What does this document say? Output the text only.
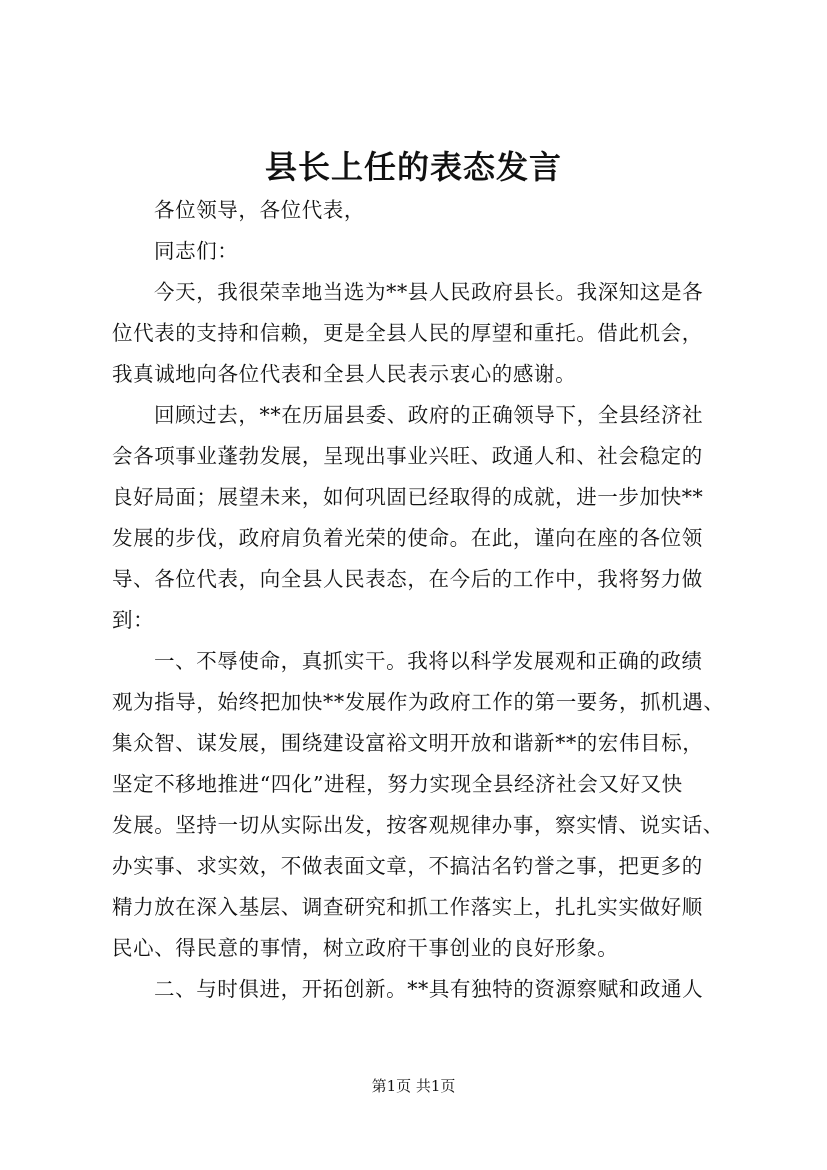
县长上任的表态发言
各位领导，各位代表，
同志们：
今天，我很荣幸地当选为**县人民政府县长。我深知这是各
位代表的支持和信赖，更是全县人民的厚望和重托。借此机会，
我真诚地向各位代表和全县人民表示衷心的感谢。
回顾过去，**在历届县委、政府的正确领导下，全县经济社
会各项事业蓬勃发展，呈现出事业兴旺、政通人和、社会稳定的
良好局面；展望未来，如何巩固已经取得的成就，进一步加快**
发展的步伐，政府肩负着光荣的使命。在此，谨向在座的各位领
导、各位代表，向全县人民表态，在今后的工作中，我将努力做
到：
一、不辱使命，真抓实干。我将以科学发展观和正确的政绩
观为指导，始终把加快**发展作为政府工作的第一要务，抓机遇、
集众智、谋发展，围绕建设富裕文明开放和谐新**的宏伟目标，
坚定不移地推进“四化”进程，努力实现全县经济社会又好又快
发展。坚持一切从实际出发，按客观规律办事，察实情、说实话、
办实事、求实效，不做表面文章，不搞沽名钓誉之事，把更多的
精力放在深入基层、调查研究和抓工作落实上，扎扎实实做好顺
民心、得民意的事情，树立政府干事创业的良好形象。
二、与时俱进，开拓创新。**具有独特的资源察赋和政通人
第1页 共1页
